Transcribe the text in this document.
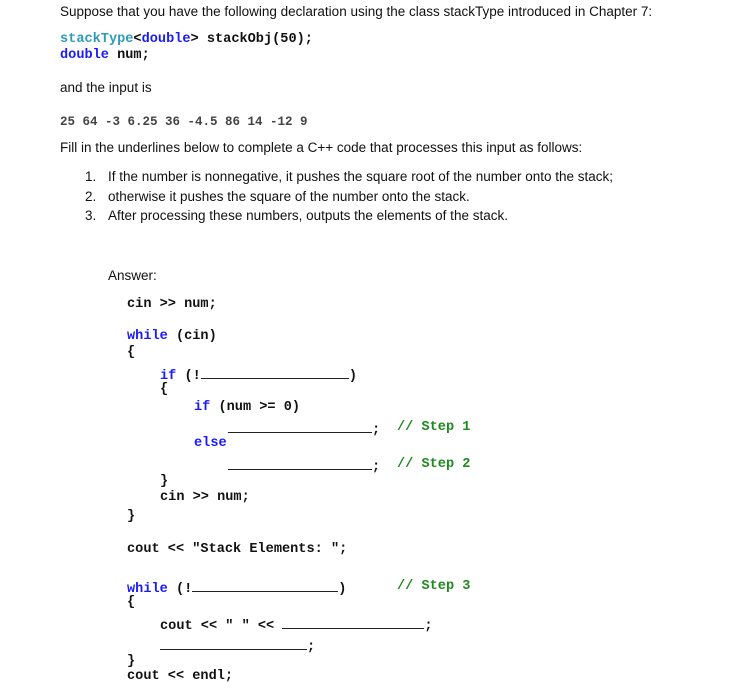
Suppose that you have the following declaration using the class stackType introduced in Chapter 7:
stackType<double> stackObj(50);
double num;
and the input is
25 64 -3 6.25 36 -4.5 86 14 -12 9
Fill in the underlines below to complete a C++ code that processes this input as follows:
1. If the number is nonnegative, it pushes the square root of the number onto the stack;
2. otherwise it pushes the square of the number onto the stack.
3. After processing these numbers, outputs the elements of the stack.
Answer:
cin >> num;
while (cin)
{
if (!	)
{
if (num >= 0)
; // Step 1
else
; // Step 2
}
cin >> num;
}
cout << "Stack Elements: ";
while (!	)	// Step 3
{
cout << " " <<	;
;
}
cout << endl;
